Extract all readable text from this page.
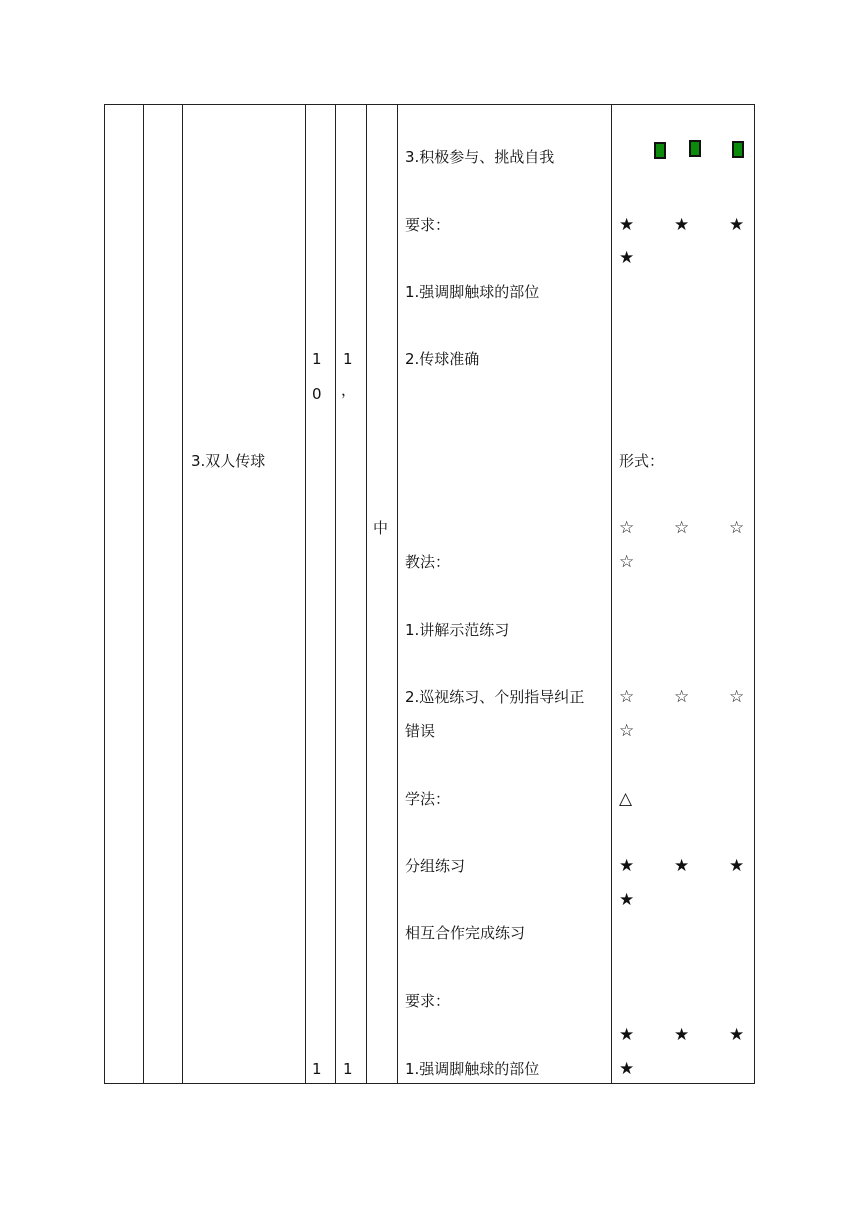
3.双人传球
1
0
1
1
，
1
中
3.积极参与、挑战自我
要求：
1.强调脚触球的部位
2.传球准确
教法：
1.讲解示范练习
2.巡视练习、个别指导纠正
错误
学法：
分组练习
相互合作完成练习
要求：
1.强调脚触球的部位
★ ★ ★
★
形式：
☆ ☆ ☆
☆
☆ ☆ ☆
☆
△
★ ★ ★
★
★ ★ ★
★
